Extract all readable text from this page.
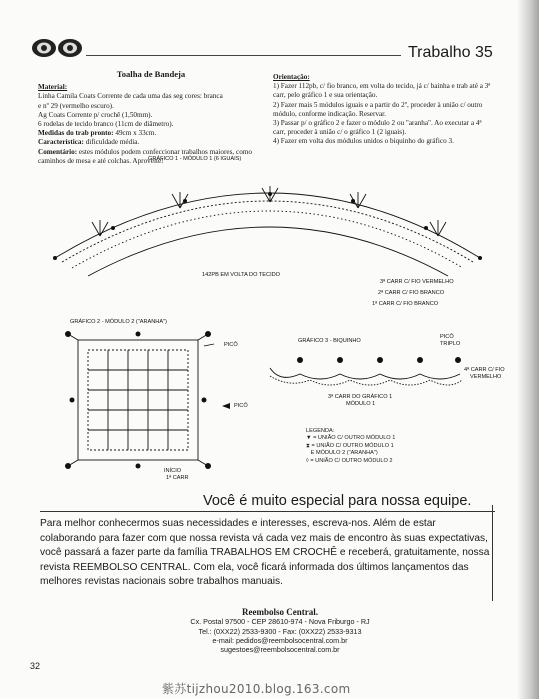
Trabalho 35
Toalha de Bandeja
Material:
Linha Camila Coats Corrente de cada uma das seg cores: branca
e nº 29 (vermelho escuro).
Ag Coats Corrente p/ crochê (1,50mm).
6 rodelas de tecido branco (11cm de diâmetro).
Medidas do trab pronto: 49cm x 33cm.
Característica: dificuldade média.
Comentário: estes módulos podem confeccionar trabalhos maiores, como caminhos de mesa e até colchas. Aproveite!
Orientação:
1) Fazer 112pb, c/ fio branco, em volta do tecido, já c/ bainha e trab até a 3ª carr, pelo gráfico 1 e sua orientação.
2) Fazer mais 5 módulos iguais e a partir do 2º, proceder à união c/ outro módulo, conforme indicação. Reservar.
3) Passar p/ o gráfico 2 e fazer o módulo 2 ou "aranha". Ao executar a 4ª carr, proceder à união c/ o gráfico 1 (2 iguais).
4) Fazer em volta dos módulos unidos o biquinho do gráfico 3.
GRÁFICO 1 - MÓDULO 1 (6 IGUAIS)
142PB EM VOLTA DO TECIDO
3ª CARR C/ FIO VERMELHO
2ª CARR C/ FIO BRANCO
1ª CARR C/ FIO BRANCO
GRÁFICO 2 - MÓDULO 2 ("ARANHA")
PICÔ
PICÔ
INÍCIO
GRÁFICO 3 - BIQUINHO
PICÔ
TRIPLO
4ª CARR C/ FIO
VERMELHO
3ª CARR DO GRÁFICO 1
MÓDULO 1
1ª CARR
LEGENDA:
▼ = UNIÃO C/ OUTRO MÓDULO 1
⧗ = UNIÃO C/ OUTRO MÓDULO 1
E MÓDULO 2 ("ARANHA")
◊ = UNIÃO C/ OUTRO MÓDULO 2
Você é muito especial para nossa equipe.
Para melhor conhecermos suas necessidades e interesses, escreva-nos. Além de estar colaborando para fazer com que nossa revista vá cada vez mais de encontro às suas expectativas, você passará a fazer parte da família TRABALHOS EM CROCHÊ e receberá, gratuitamente, nossa revista REEMBOLSO CENTRAL. Com ela, você ficará informada dos últimos lançamentos das melhores revistas nacionais sobre trabalhos manuais.
Reembolso Central.
Cx. Postal 97500 - CEP 28610-974 - Nova Friburgo - RJ
Tel.: (0XX22) 2533-9300 - Fax: (0XX22) 2533-9313
e-mail: pedidos@reembolsocentral.com.br
sugestoes@reembolsocentral.com.br
32
紫苏tijzhou2010.blog.163.com
